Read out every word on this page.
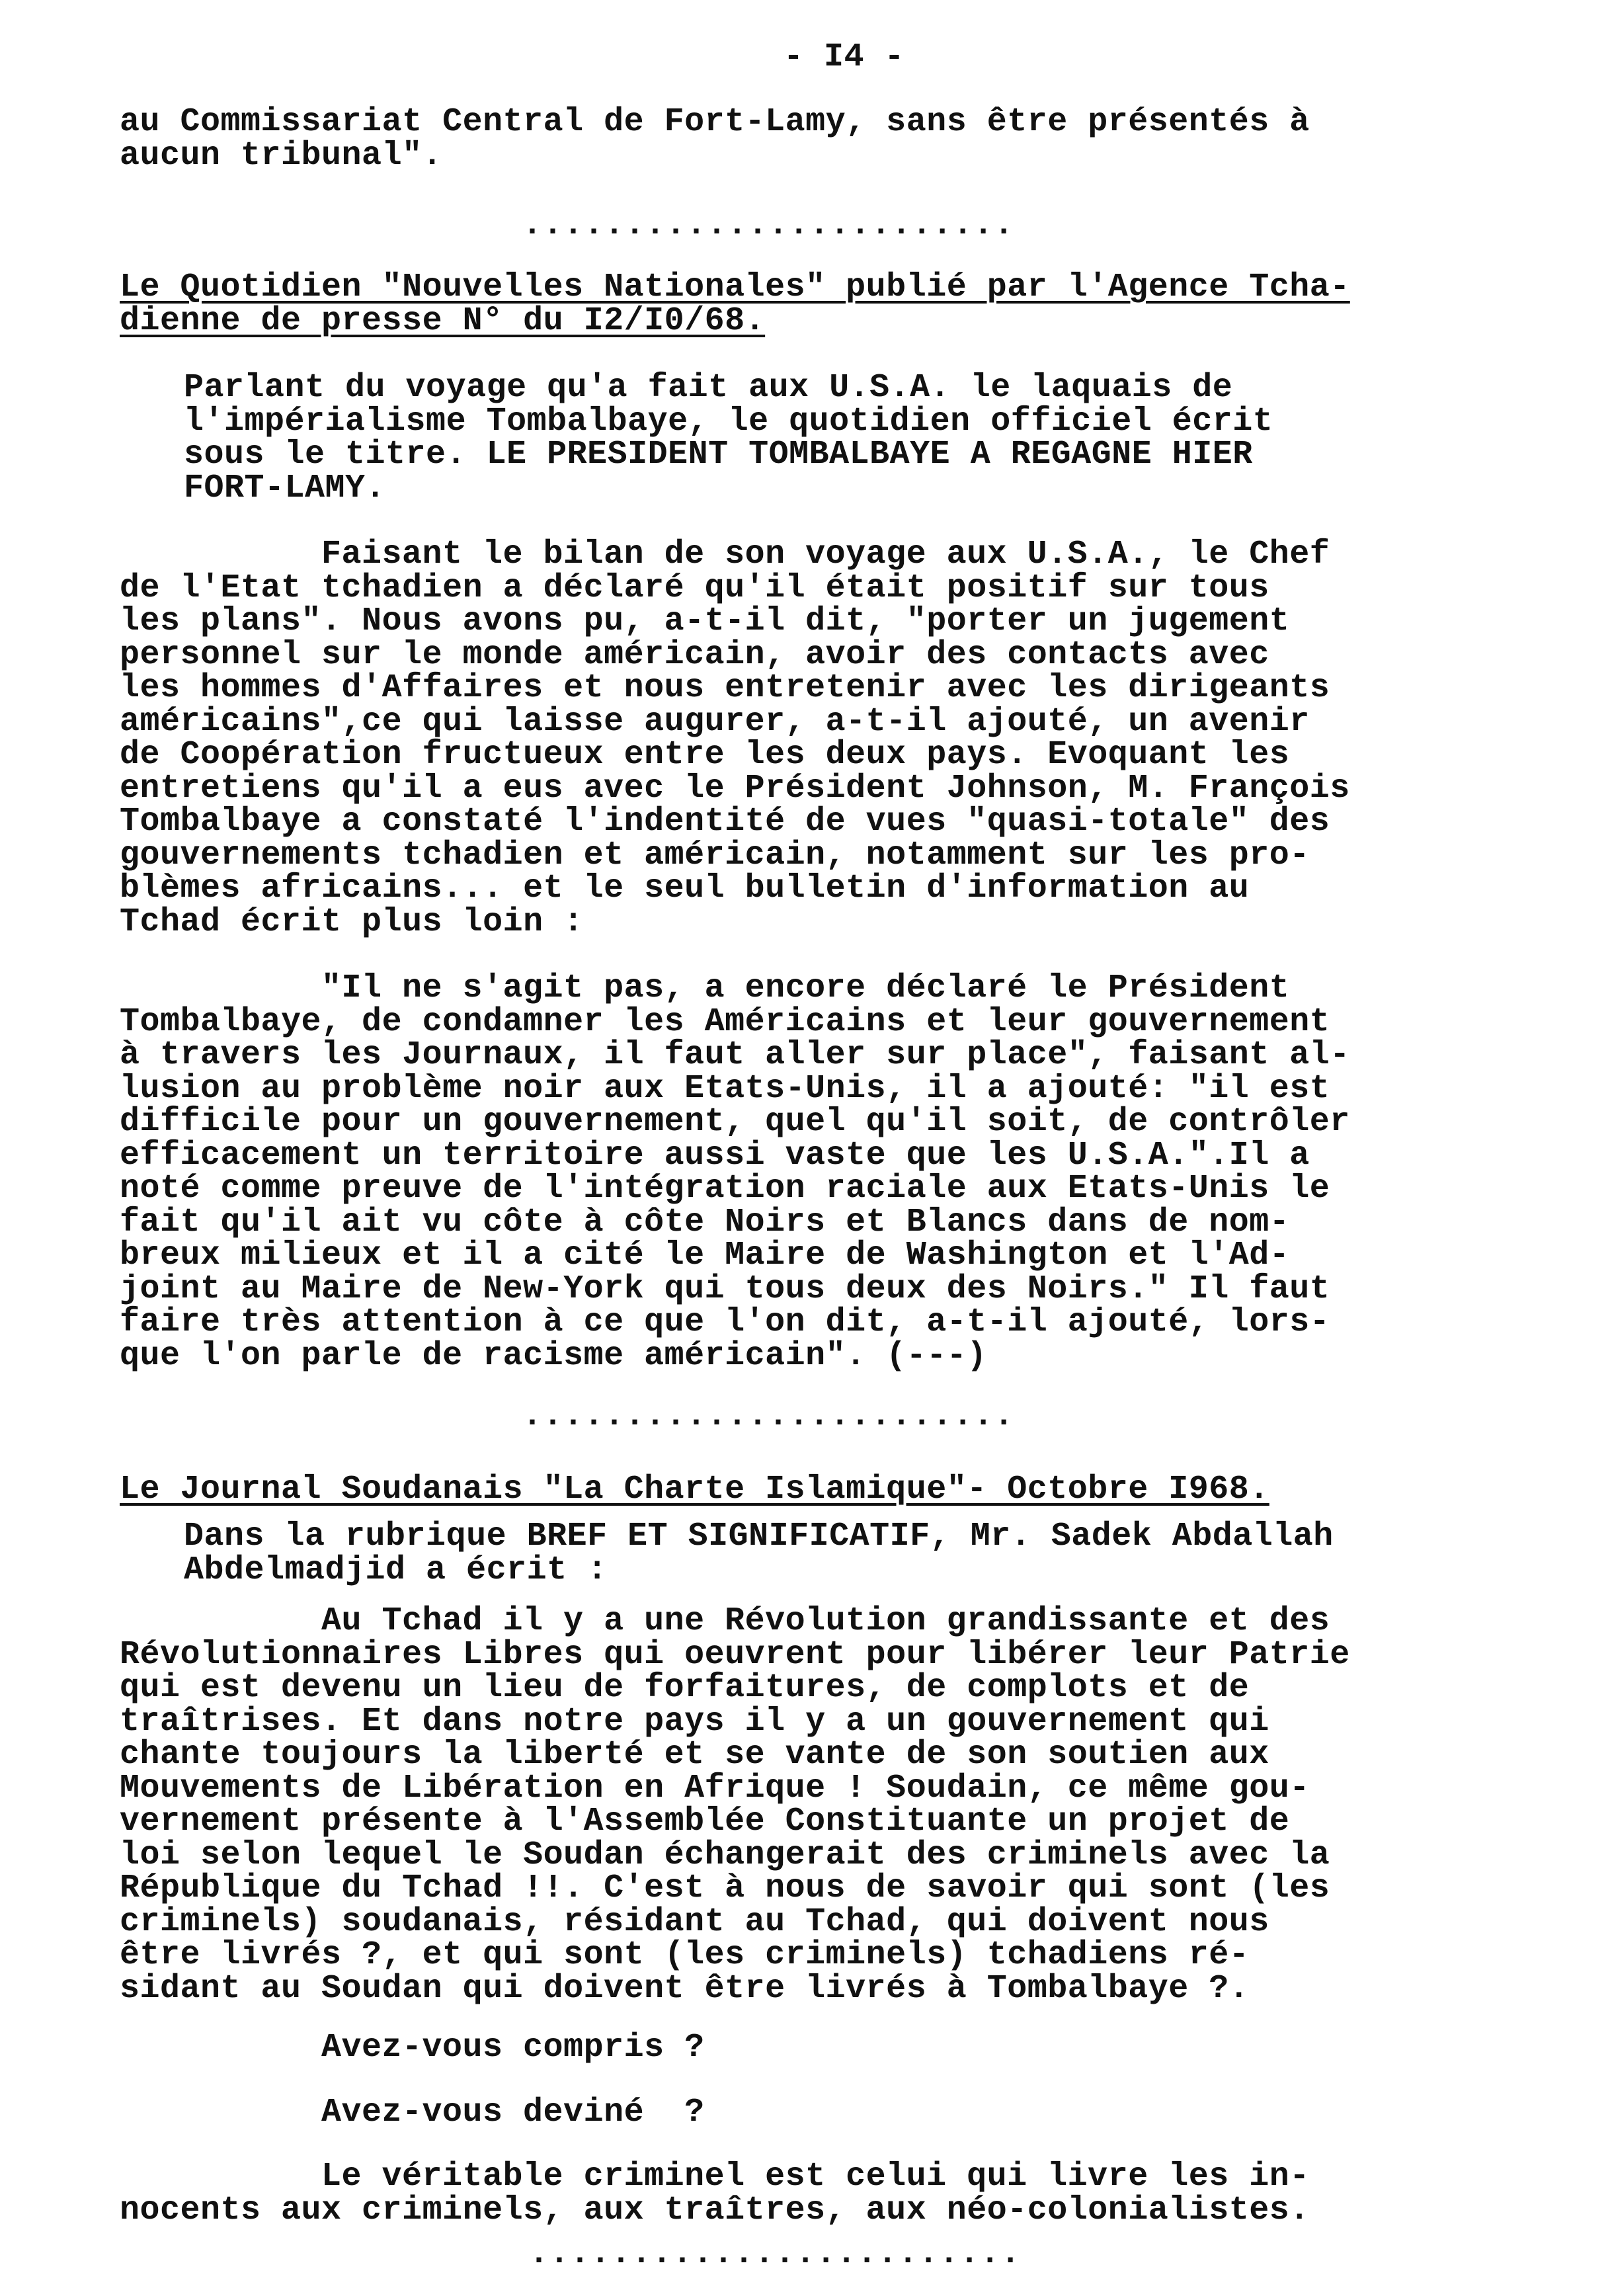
- I4 -
au Commissariat Central de Fort-Lamy, sans être présentés à
aucun tribunal".
........................
Le Quotidien "Nouvelles Nationales" publié par l'Agence Tcha-
dienne de presse N° du I2/I0/68.
Parlant du voyage qu'a fait aux U.S.A. le laquais de
l'impérialisme Tombalbaye, le quotidien officiel écrit
sous le titre. LE PRESIDENT TOMBALBAYE A REGAGNE HIER
FORT-LAMY.
Faisant le bilan de son voyage aux U.S.A., le Chef
de l'Etat tchadien a déclaré qu'il était positif sur tous
les plans". Nous avons pu, a-t-il dit, "porter un jugement
personnel sur le monde américain, avoir des contacts avec
les hommes d'Affaires et nous entretenir avec les dirigeants
américains",ce qui laisse augurer, a-t-il ajouté, un avenir
de Coopération fructueux entre les deux pays. Evoquant les
entretiens qu'il a eus avec le Président Johnson, M. François
Tombalbaye a constaté l'indentité de vues "quasi-totale" des
gouvernements tchadien et américain, notamment sur les pro-
blèmes africains... et le seul bulletin d'information au
Tchad écrit plus loin :
"Il ne s'agit pas, a encore déclaré le Président
Tombalbaye, de condamner les Américains et leur gouvernement
à travers les Journaux, il faut aller sur place", faisant al-
lusion au problème noir aux Etats-Unis, il a ajouté: "il est
difficile pour un gouvernement, quel qu'il soit, de contrôler
efficacement un territoire aussi vaste que les U.S.A.".Il a
noté comme preuve de l'intégration raciale aux Etats-Unis le
fait qu'il ait vu côte à côte Noirs et Blancs dans de nom-
breux milieux et il a cité le Maire de Washington et l'Ad-
joint au Maire de New-York qui tous deux des Noirs." Il faut
faire très attention à ce que l'on dit, a-t-il ajouté, lors-
que l'on parle de racisme américain". (---)
........................
Le Journal Soudanais "La Charte Islamique"- Octobre I968.
Dans la rubrique BREF ET SIGNIFICATIF, Mr. Sadek Abdallah
Abdelmadjid a écrit :
Au Tchad il y a une Révolution grandissante et des
Révolutionnaires Libres qui oeuvrent pour libérer leur Patrie
qui est devenu un lieu de forfaitures, de complots et de
traîtrises. Et dans notre pays il y a un gouvernement qui
chante toujours la liberté et se vante de son soutien aux
Mouvements de Libération en Afrique ! Soudain, ce même gou-
vernement présente à l'Assemblée Constituante un projet de
loi selon lequel le Soudan échangerait des criminels avec la
République du Tchad !!. C'est à nous de savoir qui sont (les
criminels) soudanais, résidant au Tchad, qui doivent nous
être livrés ?, et qui sont (les criminels) tchadiens ré-
sidant au Soudan qui doivent être livrés à Tombalbaye ?.
Avez-vous compris ?
Avez-vous deviné  ?
Le véritable criminel est celui qui livre les in-
nocents aux criminels, aux traîtres, aux néo-colonialistes.
........................
